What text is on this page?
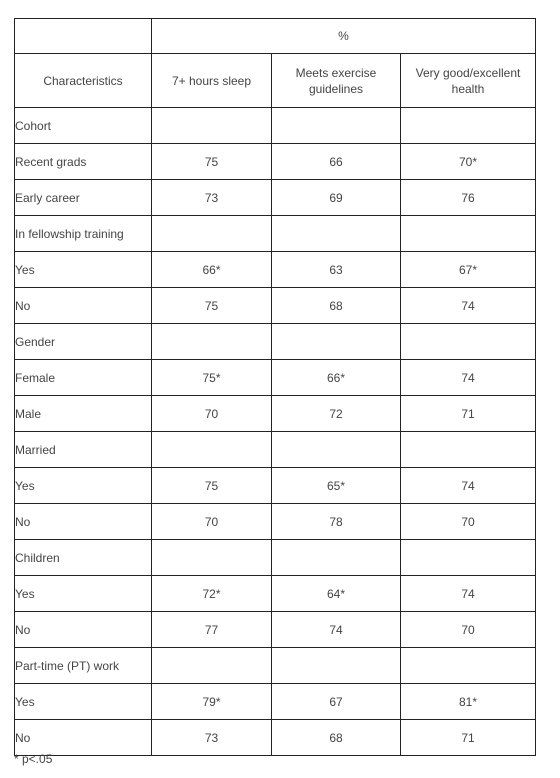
	%		
Characteristics	7+ hours sleep	Meets exercise guidelines	Very good/excellent health
Cohort			
Recent grads	75	66	70*
Early career	73	69	76
In fellowship training			
Yes	66*	63	67*
No	75	68	74
Gender			
Female	75*	66*	74
Male	70	72	71
Married			
Yes	75	65*	74
No	70	78	70
Children			
Yes	72*	64*	74
No	77	74	70
Part-time (PT) work			
Yes	79*	67	81*
No	73	68	71
* p<.05
